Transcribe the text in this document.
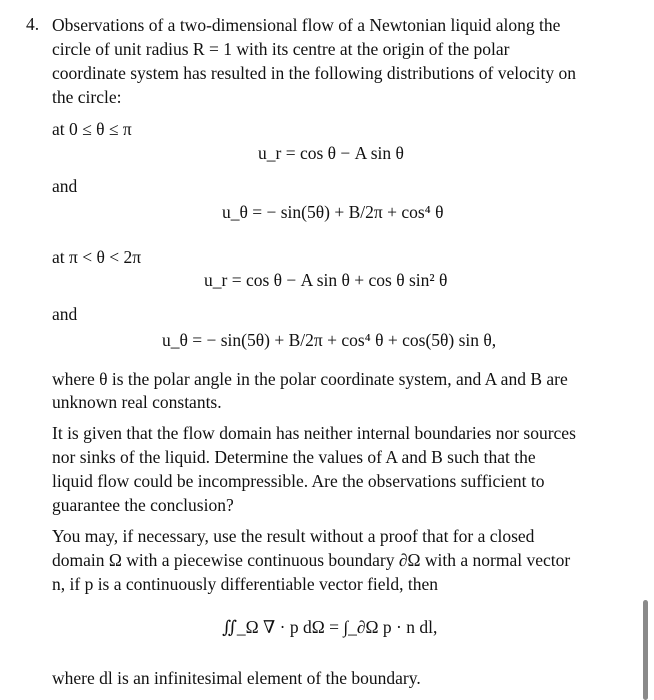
4. Observations of a two-dimensional flow of a Newtonian liquid along the
circle of unit radius R = 1 with its centre at the origin of the polar
coordinate system has resulted in the following distributions of velocity on
the circle:
at 0 ≤ θ ≤ π
u_r = cos θ − A sin θ
and
u_θ = − sin(5θ) + B/2π + cos⁴ θ
at π < θ < 2π
u_r = cos θ − A sin θ + cos θ sin² θ
and
u_θ = − sin(5θ) + B/2π + cos⁴ θ + cos(5θ) sin θ,
where θ is the polar angle in the polar coordinate system, and A and B are
unknown real constants.
It is given that the flow domain has neither internal boundaries nor sources
nor sinks of the liquid. Determine the values of A and B such that the
liquid flow could be incompressible. Are the observations sufficient to
guarantee the conclusion?
You may, if necessary, use the result without a proof that for a closed
domain Ω with a piecewise continuous boundary ∂Ω with a normal vector
n, if p is a continuously differentiable vector field, then
∬_Ω ∇ · p dΩ = ∫_∂Ω p · n dl,
where dl is an infinitesimal element of the boundary.
